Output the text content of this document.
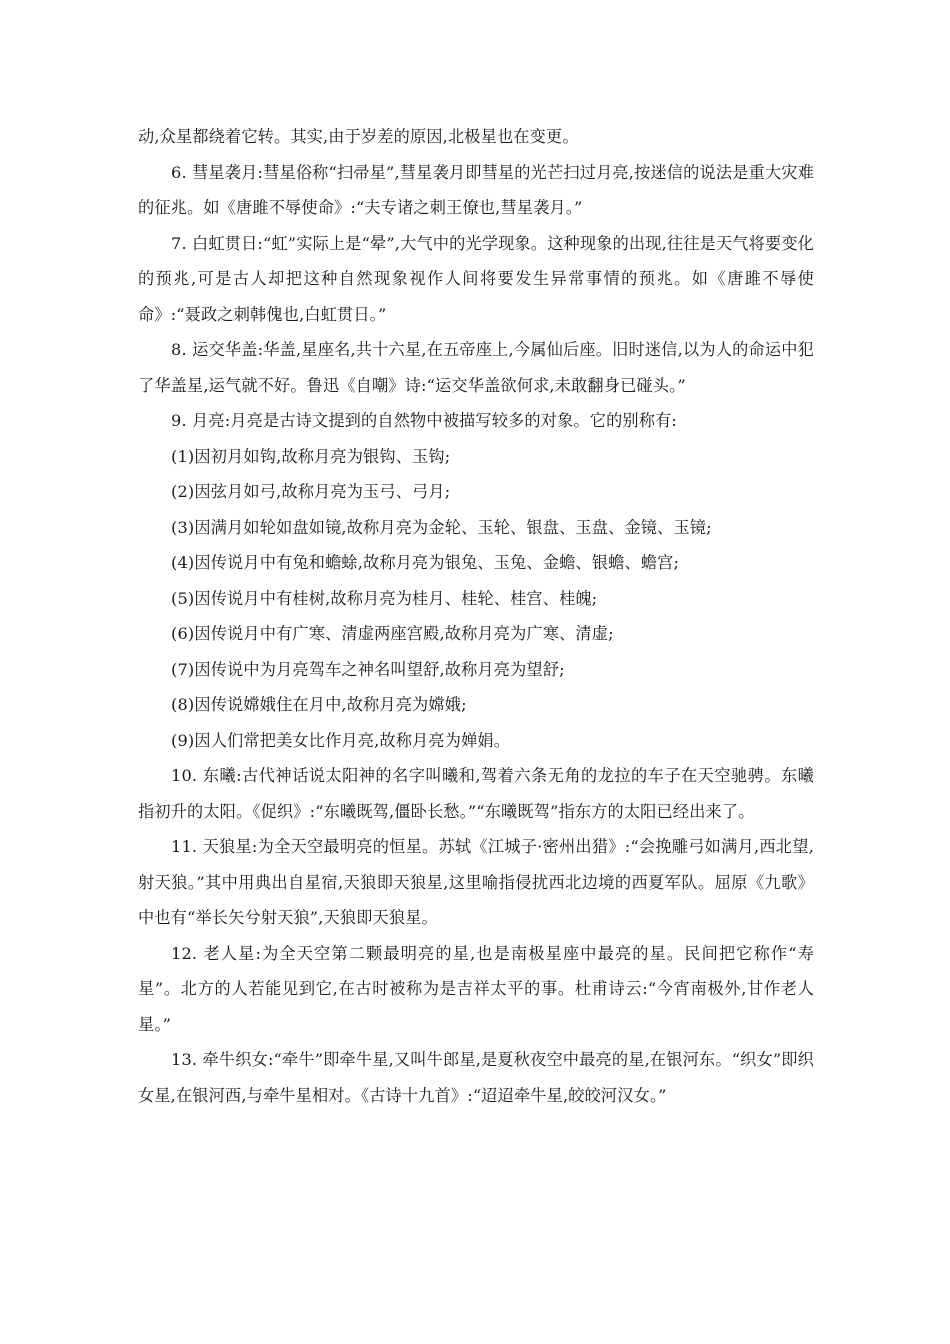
动,众星都绕着它转。其实,由于岁差的原因,北极星也在变更。

6. 彗星袭月:彗星俗称“扫帚星”,彗星袭月即彗星的光芒扫过月亮,按迷信的说法是重大灾难的征兆。如《唐雎不辱使命》:“夫专诸之刺王僚也,彗星袭月。”

7. 白虹贯日:“虹”实际上是“晕”,大气中的光学现象。这种现象的出现,往往是天气将要变化的预兆,可是古人却把这种自然现象视作人间将要发生异常事情的预兆。如《唐雎不辱使命》:“聂政之刺韩傀也,白虹贯日。”

8. 运交华盖:华盖,星座名,共十六星,在五帝座上,今属仙后座。旧时迷信,以为人的命运中犯了华盖星,运气就不好。鲁迅《自嘲》诗:“运交华盖欲何求,未敢翻身已碰头。”

9. 月亮:月亮是古诗文提到的自然物中被描写较多的对象。它的别称有:

(1)因初月如钩,故称月亮为银钩、玉钩;
(2)因弦月如弓,故称月亮为玉弓、弓月;
(3)因满月如轮如盘如镜,故称月亮为金轮、玉轮、银盘、玉盘、金镜、玉镜;
(4)因传说月中有兔和蟾蜍,故称月亮为银兔、玉兔、金蟾、银蟾、蟾宫;
(5)因传说月中有桂树,故称月亮为桂月、桂轮、桂宫、桂魄;
(6)因传说月中有广寒、清虚两座宫殿,故称月亮为广寒、清虚;
(7)因传说中为月亮驾车之神名叫望舒,故称月亮为望舒;
(8)因传说嫦娥住在月中,故称月亮为嫦娥;
(9)因人们常把美女比作月亮,故称月亮为婵娟。

10. 东曦:古代神话说太阳神的名字叫曦和,驾着六条无角的龙拉的车子在天空驰骋。东曦指初升的太阳。《促织》:“东曦既驾,僵卧长愁。”“东曦既驾”指东方的太阳已经出来了。

11. 天狼星:为全天空最明亮的恒星。苏轼《江城子·密州出猎》:“会挽雕弓如满月,西北望,射天狼。”其中用典出自星宿,天狼即天狼星,这里喻指侵扰西北边境的西夏军队。屈原《九歌》中也有“举长矢兮射天狼”,天狼即天狼星。

12. 老人星:为全天空第二颗最明亮的星,也是南极星座中最亮的星。民间把它称作“寿星”。北方的人若能见到它,在古时被称为是吉祥太平的事。杜甫诗云:“今宵南极外,甘作老人星。”

13. 牵牛织女:“牵牛”即牵牛星,又叫牛郎星,是夏秋夜空中最亮的星,在银河东。“织女”即织女星,在银河西,与牵牛星相对。《古诗十九首》:“迢迢牵牛星,皎皎河汉女。”
